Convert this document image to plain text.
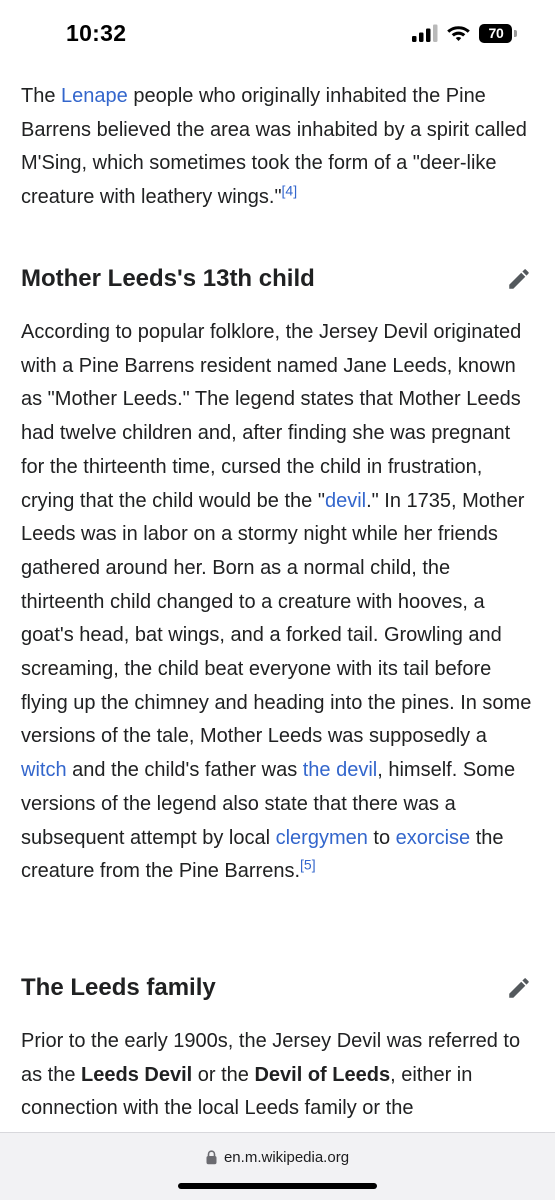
10:32	70

The Lenape people who originally inhabited the Pine Barrens believed the area was inhabited by a spirit called M'Sing, which sometimes took the form of a "deer-like creature with leathery wings."[4]

Mother Leeds's 13th child

According to popular folklore, the Jersey Devil originated with a Pine Barrens resident named Jane Leeds, known as "Mother Leeds." The legend states that Mother Leeds had twelve children and, after finding she was pregnant for the thirteenth time, cursed the child in frustration, crying that the child would be the "devil." In 1735, Mother Leeds was in labor on a stormy night while her friends gathered around her. Born as a normal child, the thirteenth child changed to a creature with hooves, a goat's head, bat wings, and a forked tail. Growling and screaming, the child beat everyone with its tail before flying up the chimney and heading into the pines. In some versions of the tale, Mother Leeds was supposedly a witch and the child's father was the devil, himself. Some versions of the legend also state that there was a subsequent attempt by local clergymen to exorcise the creature from the Pine Barrens.[5]

The Leeds family

Prior to the early 1900s, the Jersey Devil was referred to as the Leeds Devil or the Devil of Leeds, either in connection with the local Leeds family or the

en.m.wikipedia.org
